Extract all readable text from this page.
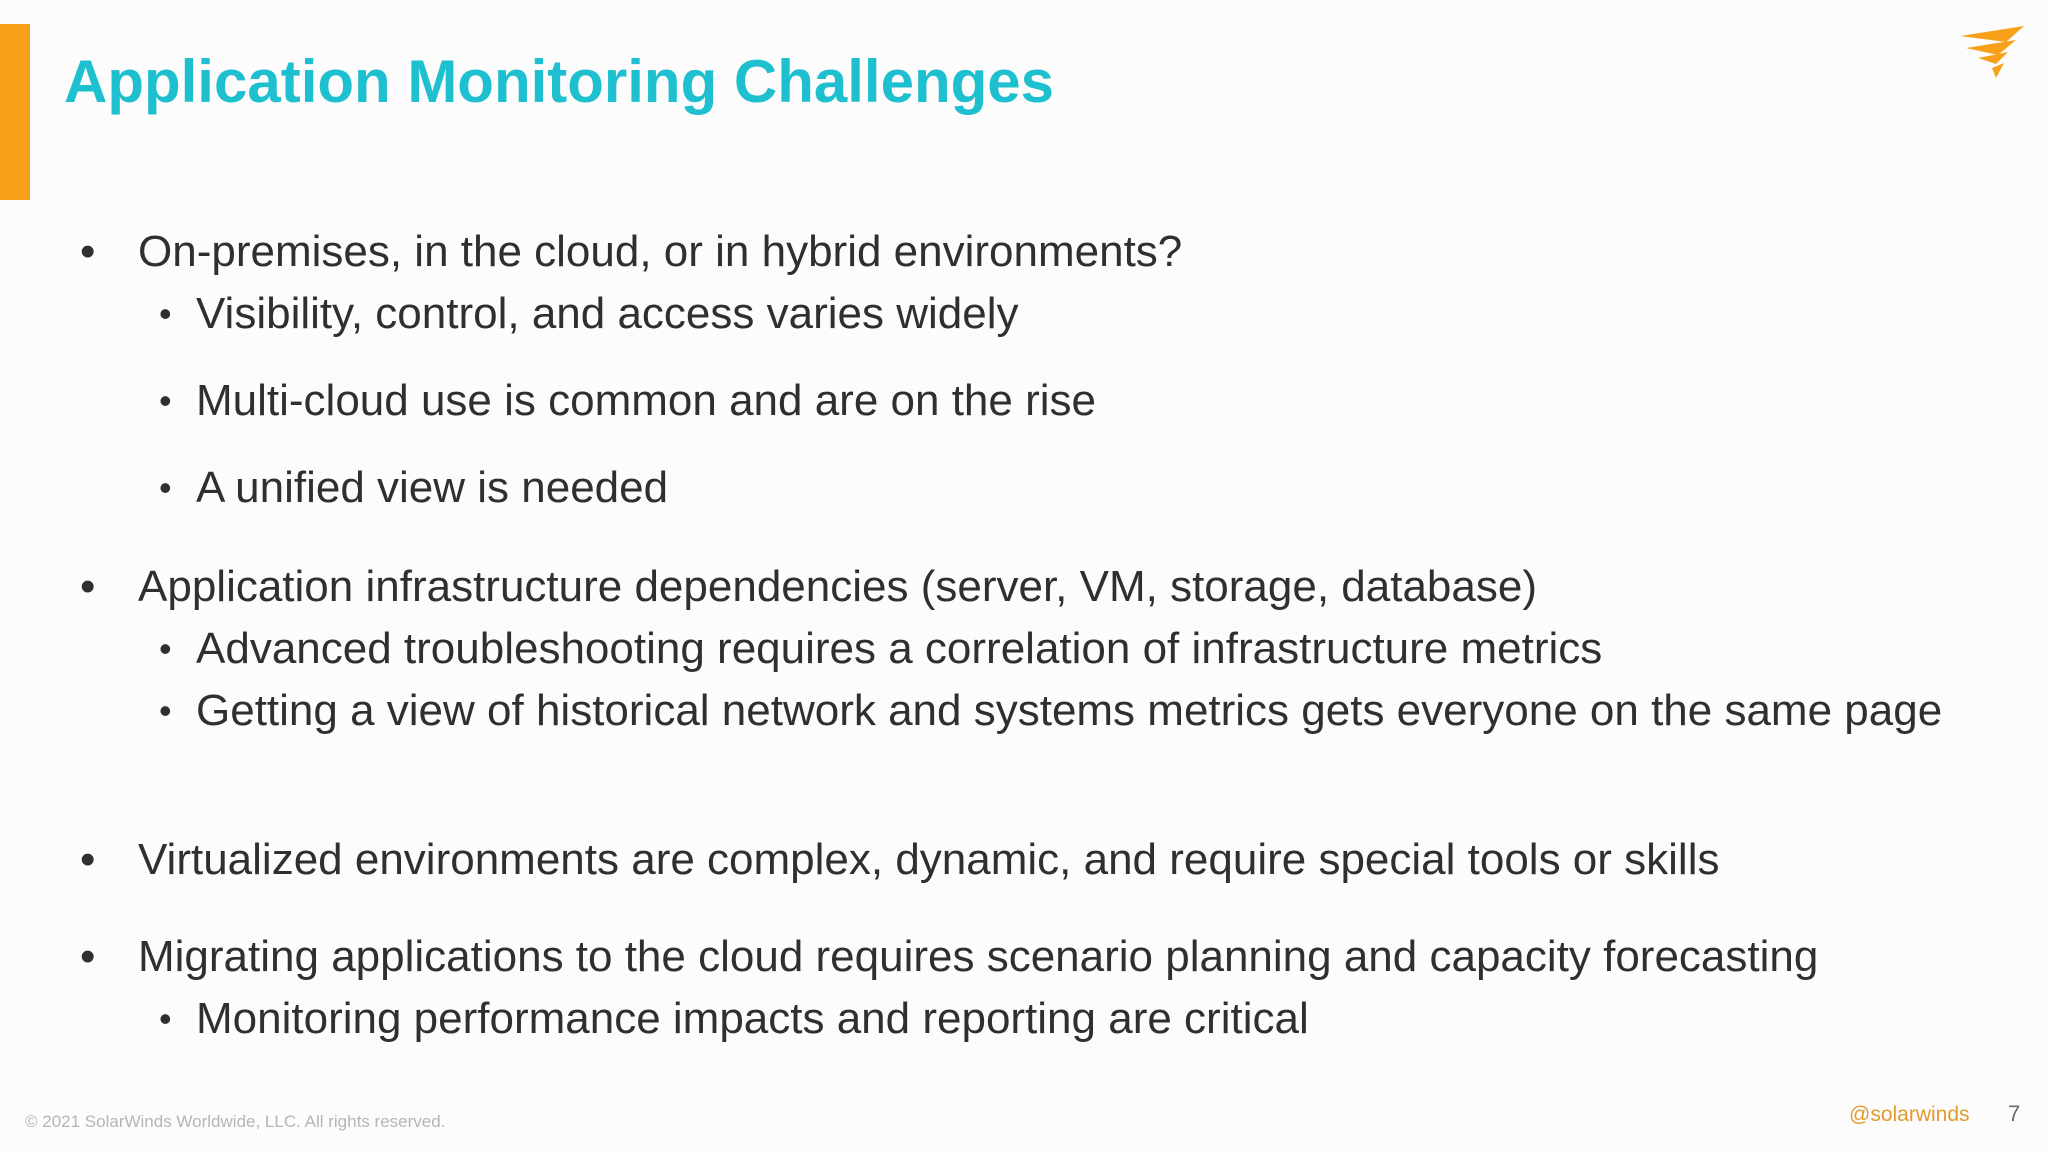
Application Monitoring Challenges
• On-premises, in the cloud, or in hybrid environments?
• Visibility, control, and access varies widely
• Multi-cloud use is common and are on the rise
• A unified view is needed
• Application infrastructure dependencies (server, VM, storage, database)
• Advanced troubleshooting requires a correlation of infrastructure metrics
• Getting a view of historical network and systems metrics gets everyone on the same page
• Virtualized environments are complex, dynamic, and require special tools or skills
• Migrating applications to the cloud requires scenario planning and capacity forecasting
• Monitoring performance impacts and reporting are critical
© 2021 SolarWinds Worldwide, LLC. All rights reserved.	@solarwinds 7
